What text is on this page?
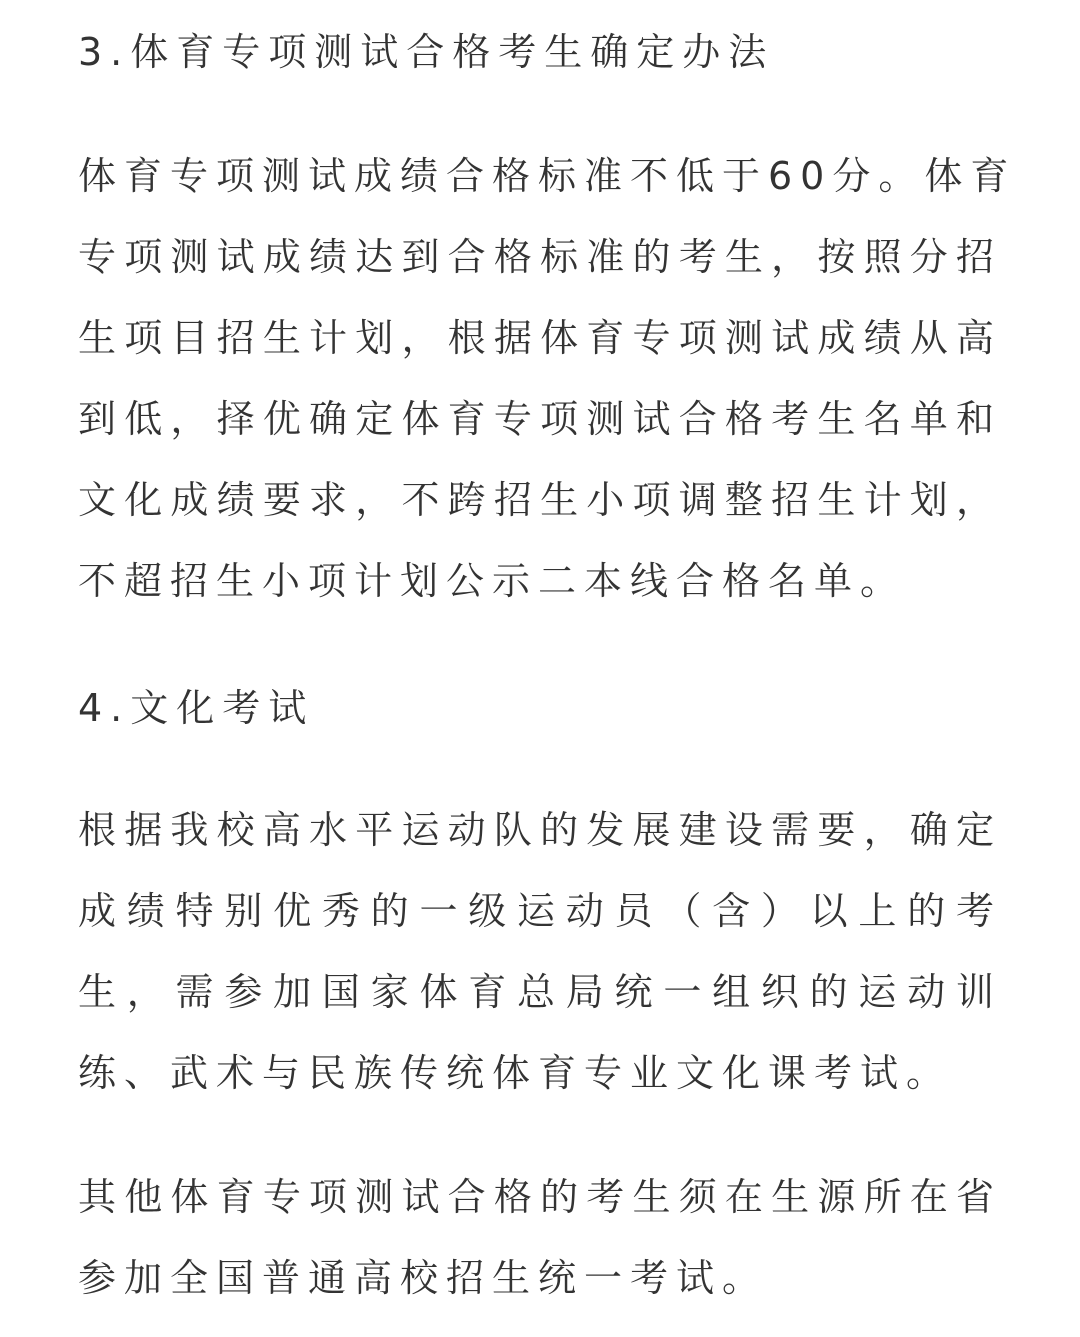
3.体育专项测试合格考生确定办法
体育专项测试成绩合格标准不低于60分。体育
专项测试成绩达到合格标准的考生，按照分招
生项目招生计划，根据体育专项测试成绩从高
到低，择优确定体育专项测试合格考生名单和
文化成绩要求，不跨招生小项调整招生计划，
不超招生小项计划公示二本线合格名单。
4.文化考试
根据我校高水平运动队的发展建设需要，确定
成绩特别优秀的一级运动员（含）以上的考
生，需参加国家体育总局统一组织的运动训
练、武术与民族传统体育专业文化课考试。
其他体育专项测试合格的考生须在生源所在省
参加全国普通高校招生统一考试。
